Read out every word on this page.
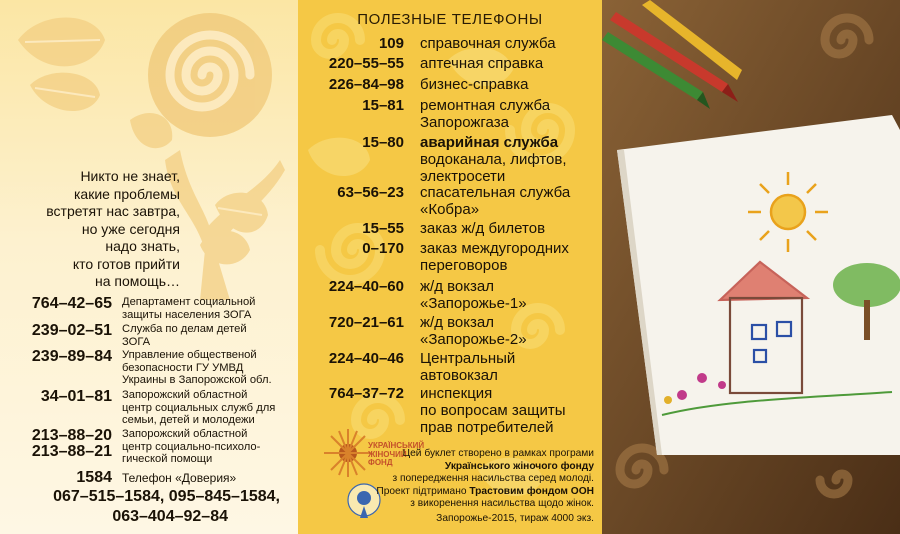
Никто не знает,
какие проблемы
встретят нас завтра,
но уже сегодня
надо знать,
кто готов прийти
на помощь…
764–42–65 Департамент социальной
защиты населения ЗОГА
239–02–51 Служба по делам детей
ЗОГА
239–89–84 Управление общественой
безопасности ГУ УМВД
Украины в Запорожской обл.
34–01–81 Запорожский областной
центр социальных служб для
семьи, детей и молодежи
213–88–20
213–88–21
Запорожский областной
центр социально-психоло-
гической помощи
1584 Телефон «Доверия»
067–515–1584, 095–845–1584,
063–404–92–84
ПОЛЕЗНЫЕ ТЕЛЕФОНЫ
109 справочная служба
220–55–55 аптечная справка
226–84–98 бизнес-справка
15–81 ремонтная служба
Запорожгаза
15–80 аварийная служба
водоканала, лифтов,
электросети
63–56–23 спасательная служба
«Кобра»
15–55 заказ ж/д билетов
0–170 заказ междугородних
переговоров
224–40–60 ж/д вокзал
«Запорожье-1»
720–21–61 ж/д вокзал
«Запорожье-2»
224–40–46 Центральный
автовокзал
764–37–72 инспекция
по вопросам защиты
прав потребителей
УКРАЇНСЬКИЙ
ЖІНОЧИЙ
ФОНД
Цей буклет створено в рамках програми
Українського жіночого фонду
з попередження насильства серед молоді.
Проект підтримано Трастовим фондом ООН
з викоренення насильства щодо жінок.
Запорожье-2015, тираж 4000 экз.
